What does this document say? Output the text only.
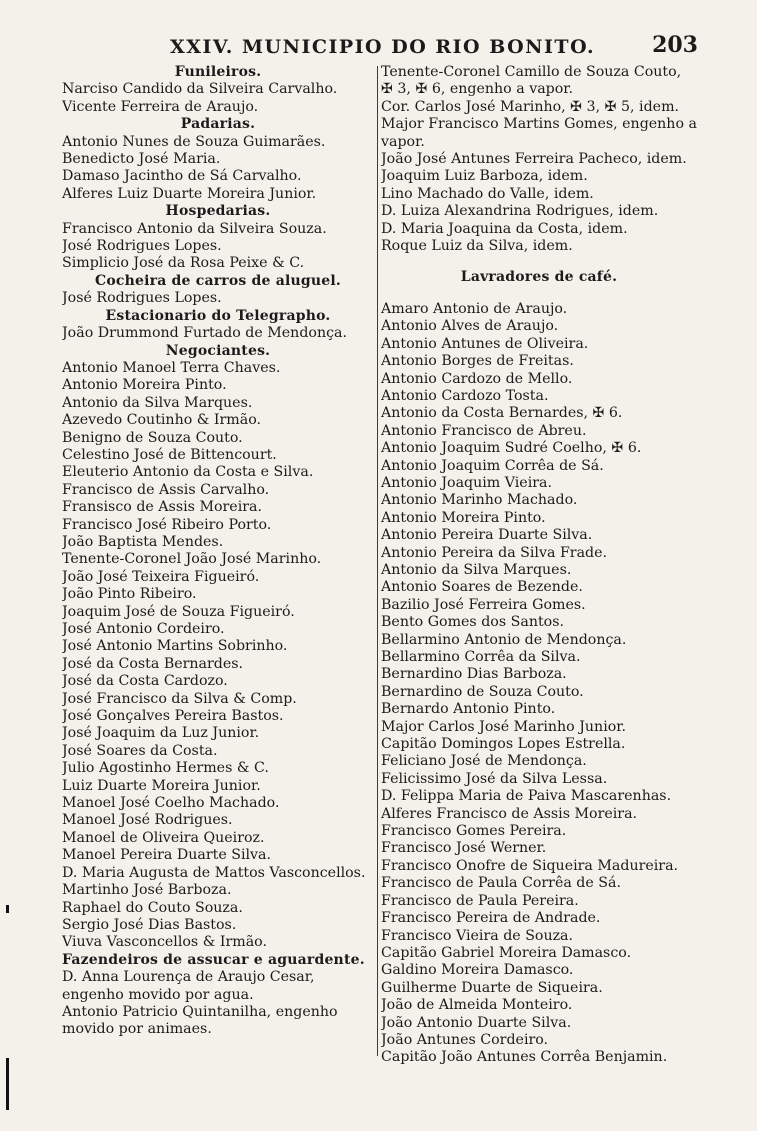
XXIV. MUNICIPIO DO RIO BONITO.	203
Funileiros.
Narciso Candido da Silveira Carvalho.
Vicente Ferreira de Araujo.
Padarias.
Antonio Nunes de Souza Guimarães.
Benedicto José Maria.
Damaso Jacintho de Sá Carvalho.
Alferes Luiz Duarte Moreira Junior.
Hospedarias.
Francisco Antonio da Silveira Souza.
José Rodrigues Lopes.
Simplicio José da Rosa Peixe & C.
Cocheira de carros de aluguel.
José Rodrigues Lopes.
Estacionario do Telegrapho.
João Drummond Furtado de Mendonça.
Negociantes.
Antonio Manoel Terra Chaves.
Antonio Moreira Pinto.
Antonio da Silva Marques.
Azevedo Coutinho & Irmão.
Benigno de Souza Couto.
Celestino José de Bittencourt.
Eleuterio Antonio da Costa e Silva.
Francisco de Assis Carvalho.
Fransisco de Assis Moreira.
Francisco José Ribeiro Porto.
João Baptista Mendes.
Tenente-Coronel João José Marinho.
João José Teixeira Figueiró.
João Pinto Ribeiro.
Joaquim José de Souza Figueiró.
José Antonio Cordeiro.
José Antonio Martins Sobrinho.
José da Costa Bernardes.
José da Costa Cardozo.
José Francisco da Silva & Comp.
José Gonçalves Pereira Bastos.
José Joaquim da Luz Junior.
José Soares da Costa.
Julio Agostinho Hermes & C.
Luiz Duarte Moreira Junior.
Manoel José Coelho Machado.
Manoel José Rodrigues.
Manoel de Oliveira Queiroz.
Manoel Pereira Duarte Silva.
D. Maria Augusta de Mattos Vasconcellos.
Martinho José Barboza.
Raphael do Couto Souza.
Sergio José Dias Bastos.
Viuva Vasconcellos & Irmão.
Fazendeiros de assucar e aguardente.
D. Anna Lourença de Araujo Cesar, engenho movido por agua.
Antonio Patricio Quintanilha, engenho movido por animaes.
Tenente-Coronel Camillo de Souza Couto, ✠ 3, ✠ 6, engenho a vapor.
Cor. Carlos José Marinho, ✠ 3, ✠ 5, idem.
Major Francisco Martins Gomes, engenho a vapor.
João José Antunes Ferreira Pacheco, idem.
Joaquim Luiz Barboza, idem.
Lino Machado do Valle, idem.
D. Luiza Alexandrina Rodrigues, idem.
D. Maria Joaquina da Costa, idem.
Roque Luiz da Silva, idem.
Lavradores de café.
Amaro Antonio de Araujo.
Antonio Alves de Araujo.
Antonio Antunes de Oliveira.
Antonio Borges de Freitas.
Antonio Cardozo de Mello.
Antonio Cardozo Tosta.
Antonio da Costa Bernardes, ✠ 6.
Antonio Francisco de Abreu.
Antonio Joaquim Sudré Coelho, ✠ 6.
Antonio Joaquim Corrêa de Sá.
Antonio Joaquim Vieira.
Antonio Marinho Machado.
Antonio Moreira Pinto.
Antonio Pereira Duarte Silva.
Antonio Pereira da Silva Frade.
Antonio da Silva Marques.
Antonio Soares de Bezende.
Bazilio José Ferreira Gomes.
Bento Gomes dos Santos.
Bellarmino Antonio de Mendonça.
Bellarmino Corrêa da Silva.
Bernardino Dias Barboza.
Bernardino de Souza Couto.
Bernardo Antonio Pinto.
Major Carlos José Marinho Junior.
Capitão Domingos Lopes Estrella.
Feliciano José de Mendonça.
Felicissimo José da Silva Lessa.
D. Felippa Maria de Paiva Mascarenhas.
Alferes Francisco de Assis Moreira.
Francisco Gomes Pereira.
Francisco José Werner.
Francisco Onofre de Siqueira Madureira.
Francisco de Paula Corrêa de Sá.
Francisco de Paula Pereira.
Francisco Pereira de Andrade.
Francisco Vieira de Souza.
Capitão Gabriel Moreira Damasco.
Galdino Moreira Damasco.
Guilherme Duarte de Siqueira.
João de Almeida Monteiro.
João Antonio Duarte Silva.
João Antunes Cordeiro.
Capitão João Antunes Corrêa Benjamin.
